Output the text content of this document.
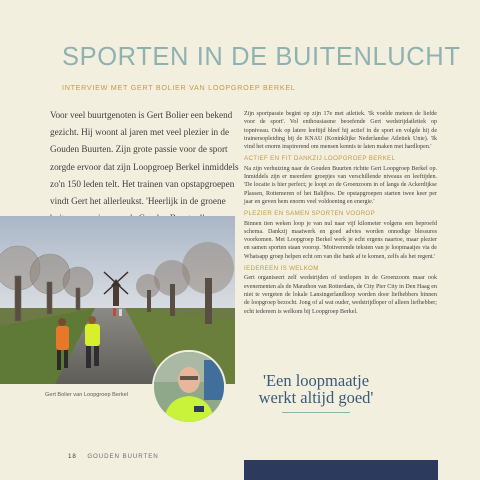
SPORTEN IN DE BUITENLUCHT
INTERVIEW MET GERT BOLIER VAN LOOPGROEP BERKEL
Voor veel buurtgenoten is Gert Bolier een bekend gezicht. Hij woont al jaren met veel plezier in de Gouden Buurten. Zijn grote passie voor de sport zorgde ervoor dat zijn Loopgroep Berkel inmiddels zo'n 150 leden telt. Het trainen van opstapgroepen vindt Gert het allerleukst. 'Heerlijk in de groene

Zijn sportpassie begint op zijn 17e met atletiek. 'Ik voelde meteen de liefde voor de sport'. Vol enthousiasme beoefende Gert wedstrijdatletiek op topniveau. Ook op latere leeftijd bleef hij actief in de sport en volgde hij de trainersopleiding bij de KNAU (Koninklijke Nederlandse Atletiek Unie). 'Ik vind het enorm inspirerend om mensen kennis te laten maken met hardlopen.'

ACTIEF EN FIT DANKZIJ LOOPGROEP BERKEL

Na zijn verhuizing naar de Gouden Buurten richtte Gert Loopgroep Berkel op. Inmiddels zijn er meerdere groepjes van verschillende niveaus en leeftijden. 'De locatie is hier perfect; je loopt zo de Groenzoom in of langs de Ackerdijkse Plassen, Rottemeren of het Balijbos. De opstapgroepen starten twee keer per jaar en geven hem enorm veel voldoening en energie.'

PLEZIER EN SAMEN SPORTEN VOOROP

Binnen tien weken loop je van nul naar vijf kilometer volgens een beproefd schema. Dankzij maatwerk en goed advies worden onnodige blessures voorkomen. Met Loopgroep Berkel werk je echt ergens naartoe, maar plezier en samen sporten staan voorop. 'Motiverende teksten van je loopmaatjes via de Whatsapp groep helpen echt om van die bank af te komen, zelfs als het regent.'

IEDEREEN IS WELKOM

Gert organiseert zelf wedstrijden of testlopen in de Groenzoom maar ook evenementen als de Marathon van Rotterdam, de City Pier City in Den Haag en niet te vergeten de lokale Lansingerlandloop worden door liefhebbers binnen de loopgroep bezocht. Jong of al wat ouder, wedstrijdloper of alleen liefhebber; echt iedereen is welkom bij Loopgroep Berkel.

Gert Bolier van Loopgroep Berkel
'Een loopmaatje werkt altijd goed'
18 GOUDEN BUURTEN
